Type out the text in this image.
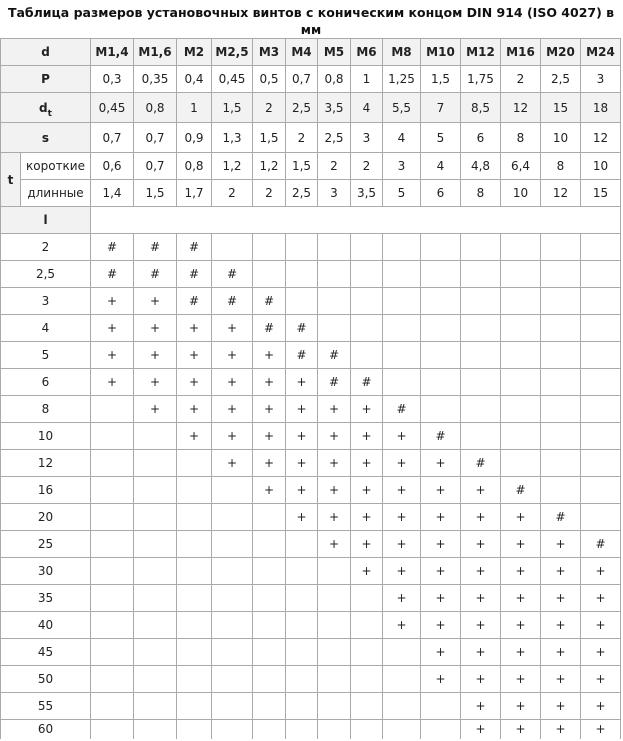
Таблица размеров установочных винтов с коническим концом DIN 914 (ISO 4027) в мм
d		M1,4	M1,6	M2	M2,5	M3	M4	M5	M6	M8	M10	M12	M16	M20	M24
P		0,3	0,35	0,4	0,45	0,5	0,7	0,8	1	1,25	1,5	1,75	2	2,5	3
$d_t$		0,45	0,8	1	1,5	2	2,5	3,5	4	5,5	7	8,5	12	15	18
s		0,7	0,7	0,9	1,3	1,5	2	2,5	3	4	5	6	8	10	12
t	короткие	0,6	0,7	0,8	1,2	1,2	1,5	2	2	3	4	4,8	6,4	8	10
	длинные	1,4	1,5	1,7	2	2	2,5	3	3,5	5	6	8	10	12	15
l															
2		#	#	#											
2,5		#	#	#	#										
3		+	+	#	#	#									
4		+	+	+	+	#	#								
5		+	+	+	+	+	#	#							
6		+	+	+	+	+	+	#	#						
8			+	+	+	+	+	+	+	#					
10				+	+	+	+	+	+	+	#				
12					+	+	+	+	+	+	+	#			
16						+	+	+	+	+	+	+	#		
20							+	+	+	+	+	+	+	#	
25								+	+	+	+	+	+	+	#
30									+	+	+	+	+	+	+
35										+	+	+	+	+	+
40										+	+	+	+	+	+
45											+	+	+	+	+
50											+	+	+	+	+
55												+	+	+	+
60												+	+	+	+
